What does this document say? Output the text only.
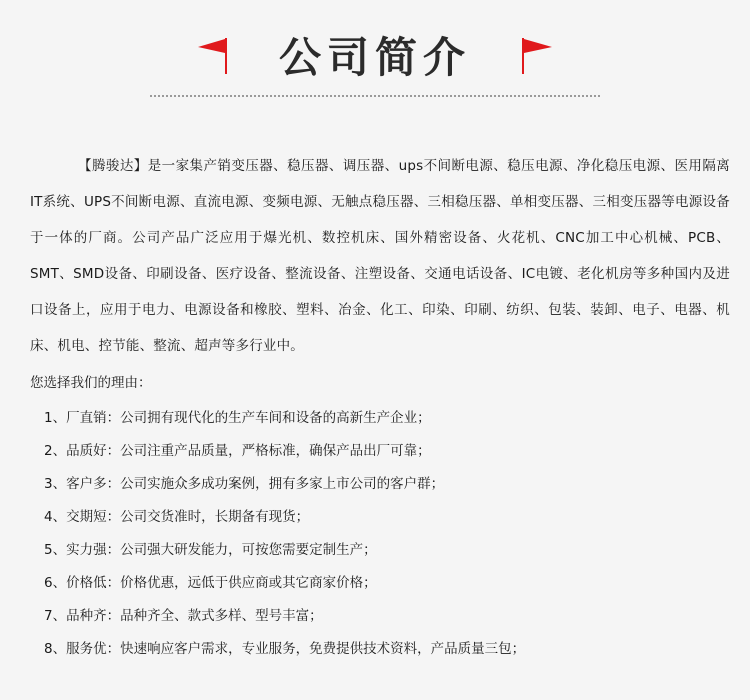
公司简介

【腾骏达】是一家集产销变压器、稳压器、调压器、ups不间断电源、稳压电源、净化稳压电源、医用隔离IT系统、UPS不间断电源、直流电源、变频电源、无触点稳压器、三相稳压器、单相变压器、三相变压器等电源设备于一体的厂商。公司产品广泛应用于爆光机、数控机床、国外精密设备、火花机、CNC加工中心机械、PCB、SMT、SMD设备、印刷设备、医疗设备、整流设备、注塑设备、交通电话设备、IC电镀、老化机房等多种国内及进口设备上，应用于电力、电源设备和橡胶、塑料、冶金、化工、印染、印刷、纺织、包装、装卸、电子、电器、机床、机电、控节能、整流、超声等多行业中。

您选择我们的理由：

1、厂直销：公司拥有现代化的生产车间和设备的高新生产企业；
2、品质好：公司注重产品质量，严格标准，确保产品出厂可靠；
3、客户多：公司实施众多成功案例，拥有多家上市公司的客户群；
4、交期短：公司交货准时，长期备有现货；
5、实力强：公司强大研发能力，可按您需要定制生产；
6、价格低：价格优惠，远低于供应商或其它商家价格；
7、品种齐：品种齐全、款式多样、型号丰富；
8、服务优：快速响应客户需求，专业服务，免费提供技术资料，产品质量三包；
